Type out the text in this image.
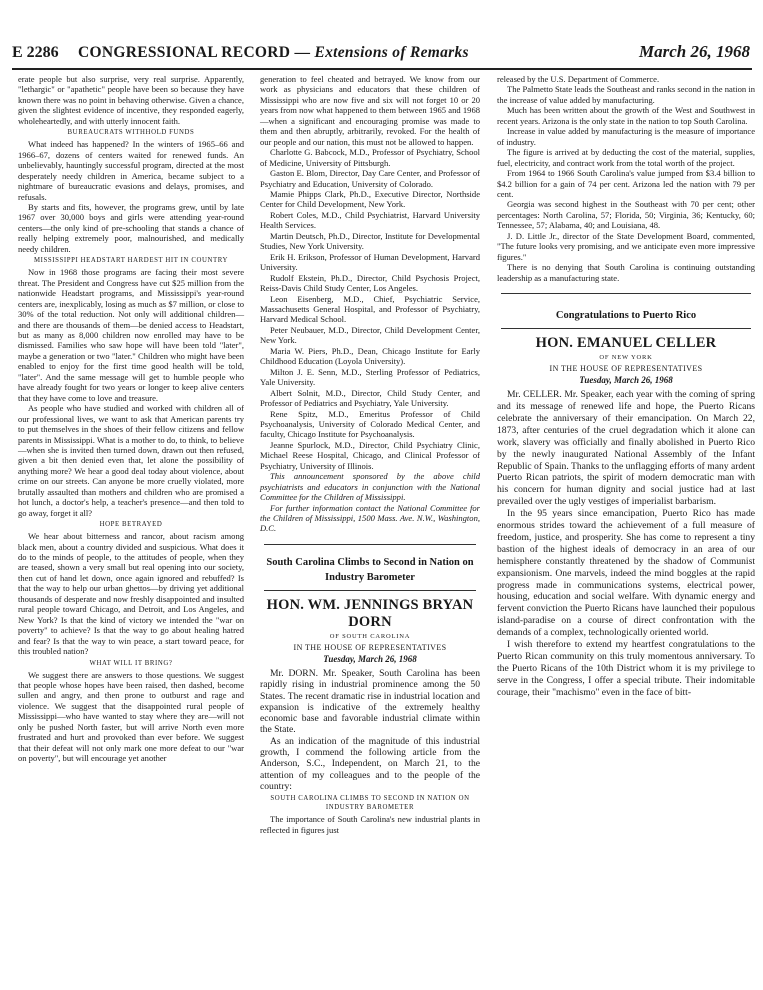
E 2286 CONGRESSIONAL RECORD — Extensions of Remarks	March 26, 1968

erate people but also surprise, very real surprise. Apparently, "lethargic" or "apathetic" people have been so because they have known there was no point in behaving otherwise. Given a chance, given the slightest evidence of incentive, they responded eagerly, wholeheartedly, and with utterly innocent faith.

BUREAUCRATS WITHHOLD FUNDS

What indeed has happened? In the winters of 1965–66 and 1966–67, dozens of centers waited for renewed funds. An unbelievably, hauntingly successful program, directed at the most desperately needy children in America, became subject to a nightmare of bureaucratic evasions and delays, promises, and refusals.

By starts and fits, however, the programs grew, until by late 1967 over 30,000 boys and girls were attending year-round centers—the only kind of pre-schooling that stands a chance of really helping extremely poor, malnourished, and medically needy children.

MISSISSIPPI HEADSTART HARDEST HIT IN COUNTRY

Now in 1968 those programs are facing their most severe threat. The President and Congress have cut $25 million from the nationwide Headstart programs, and Mississippi's year-round centers are, inexplicably, losing as much as $7 million, or close to 30% of the total reduction. Not only will additional children—and there are thousands of them—be denied access to Headstart, but as many as 8,000 children now enrolled may have to be dismissed. Families who saw hope will have been told "later", maybe a generation or two "later." Children who might have been enabled to enjoy for the first time good health will be told, "later". And the same message will get to humble people who have already fought for two years or longer to keep alive centers that they have come to love and treasure.

As people who have studied and worked with children all of our professional lives, we want to ask that American parents try to put themselves in the shoes of their fellow citizens and fellow parents in Mississippi. What is a mother to do, to think, to believe—when she is invited then turned down, drawn out then refused, given a bit then denied even that, let alone the possibility of anything more? We hear a good deal today about violence, about crime on our streets. Can anyone be more cruelly violated, more brutally assaulted than mothers and children who are promised a hot lunch, a doctor's help, a teacher's presence—and then told to go away, forget it all?

HOPE BETRAYED

We hear about bitterness and rancor, about racism among black men, about a country divided and suspicious. What does it do to the minds of people, to the attitudes of people, when they are teased, shown a very small but real opening into our society, then cut of hand let down, once again ignored and rebuffed? Is that the way to help our urban ghettos—by driving yet additional thousands of desperate and now freshly disappointed and insulted rural people toward Chicago, and Detroit, and Los Angeles, and New York? Is that the kind of victory we intended the "war on poverty" to achieve? Is that the way to go about healing hatred and fear? Is that the way to win peace, a start toward peace, for this troubled nation?

WHAT WILL IT BRING?

We suggest there are answers to those questions. We suggest that people whose hopes have been raised, then dashed, become sullen and angry, and then prone to outburst and rage and violence. We suggest that the disappointed rural people of Mississippi—who have wanted to stay where they are—will not only be pushed North faster, but will arrive North even more frustrated and hurt and provoked than ever before. We suggest that their defeat will not only mark one more defeat to our "war on poverty", but will encourage yet another

generation to feel cheated and betrayed. We know from our work as physicians and educators that these children of Mississippi who are now five and six will not forget 10 or 20 years from now what happened to them between 1965 and 1968—when a significant and encouraging promise was made to them and then abruptly, arbitrarily, revoked. For the health of our people and our nation, this must not be allowed to happen.

Charlotte G. Babcock, M.D., Professor of Psychiatry, School of Medicine, University of Pittsburgh.

Gaston E. Blom, Director, Day Care Center, and Professor of Psychiatry and Education, University of Colorado.

Mamie Phipps Clark, Ph.D., Executive Director, Northside Center for Child Development, New York.

Robert Coles, M.D., Child Psychiatrist, Harvard University Health Services.

Martin Deutsch, Ph.D., Director, Institute for Developmental Studies, New York University.

Erik H. Erikson, Professor of Human Development, Harvard University.

Rudolf Ekstein, Ph.D., Director, Child Psychosis Project, Reiss-Davis Child Study Center, Los Angeles.

Leon Eisenberg, M.D., Chief, Psychiatric Service, Massachusetts General Hospital, and Professor of Psychiatry, Harvard Medical School.

Peter Neubauer, M.D., Director, Child Development Center, New York.

Maria W. Piers, Ph.D., Dean, Chicago Institute for Early Childhood Education (Loyola University).

Milton J. E. Senn, M.D., Sterling Professor of Pediatrics, Yale University.

Albert Solnit, M.D., Director, Child Study Center, and Professor of Pediatrics and Psychiatry, Yale University.

Rene Spitz, M.D., Emeritus Professor of Child Psychoanalysis, University of Colorado Medical Center, and faculty, Chicago Institute for Psychoanalysis.

Jeanne Spurlock, M.D., Director, Child Psychiatry Clinic, Michael Reese Hospital, Chicago, and Clinical Professor of Psychiatry, University of Illinois.

This announcement sponsored by the above child psychiatrists and educators in conjunction with the National Committee for the Children of Mississippi.

For further information contact the National Committee for the Children of Mississippi, 1500 Mass. Ave. N.W., Washington, D.C.

South Carolina Climbs to Second in Nation on Industry Barometer
HON. WM. JENNINGS BRYAN DORN
OF SOUTH CAROLINA
IN THE HOUSE OF REPRESENTATIVES
Tuesday, March 26, 1968

Mr. DORN. Mr. Speaker, South Carolina has been rapidly rising in industrial prominence among the 50 States. The recent dramatic rise in industrial location and expansion is indicative of the extremely healthy economic base and favorable industrial climate within the State.

As an indication of the magnitude of this industrial growth, I commend the following article from the Anderson, S.C., Independent, on March 21, to the attention of my colleagues and to the people of the country:

SOUTH CAROLINA CLIMBS TO SECOND IN NATION ON INDUSTRY BAROMETER

The importance of South Carolina's new industrial plants in reflected in figures just

released by the U.S. Department of Commerce.

The Palmetto State leads the Southeast and ranks second in the nation in the increase of value added by manufacturing.

Much has been written about the growth of the West and Southwest in recent years. Arizona is the only state in the nation to top South Carolina.

Increase in value added by manufacturing is the measure of importance of industry.

The figure is arrived at by deducting the cost of the material, supplies, fuel, electricity, and contract work from the total worth of the project.

From 1964 to 1966 South Carolina's value jumped from $3.4 billion to $4.2 billion for a gain of 74 per cent. Arizona led the nation with 79 per cent.

Georgia was second highest in the Southeast with 70 per cent; other percentages: North Carolina, 57; Florida, 50; Virginia, 36; Kentucky, 60; Tennessee, 57; Alabama, 40; and Louisiana, 48.

J. D. Little Jr., director of the State Development Board, commented, "The future looks very promising, and we anticipate even more impressive figures."

There is no denying that South Carolina is continuing outstanding leadership as a manufacturing state.

Congratulations to Puerto Rico
HON. EMANUEL CELLER
OF NEW YORK
IN THE HOUSE OF REPRESENTATIVES
Tuesday, March 26, 1968

Mr. CELLER. Mr. Speaker, each year with the coming of spring and its message of renewed life and hope, the Puerto Ricans celebrate the anniversary of their emancipation. On March 22, 1873, after centuries of the cruel degradation which it alone can work, slavery was officially and finally abolished in Puerto Rico by the newly inaugurated National Assembly of the Infant Republic of Spain. Thanks to the unflagging efforts of many ardent Puerto Rican patriots, the spirit of modern democratic man with his concern for human dignity and social justice had at last prevailed over the ugly vestiges of imperialist barbarism.

In the 95 years since emancipation, Puerto Rico has made enormous strides toward the achievement of a full measure of freedom, justice, and prosperity. She has come to represent a tiny bastion of the highest ideals of democracy in an area of our hemisphere constantly threatened by the shadow of Communist expansionism. One marvels, indeed the mind boggles at the rapid progress made in communications systems, electrical power, housing, education and social welfare. With dynamic energy and fervent conviction the Puerto Ricans have launched their populous island-paradise on a course of direct confrontation with the demands of a complex, technologically oriented world.

I wish therefore to extend my heartfest congratulations to the Puerto Rican community on this truly momentous anniversary. To the Puerto Ricans of the 10th District whom it is my privilege to serve in the Congress, I offer a special tribute. Their indomitable courage, their "machismo" even in the face of bitt-
